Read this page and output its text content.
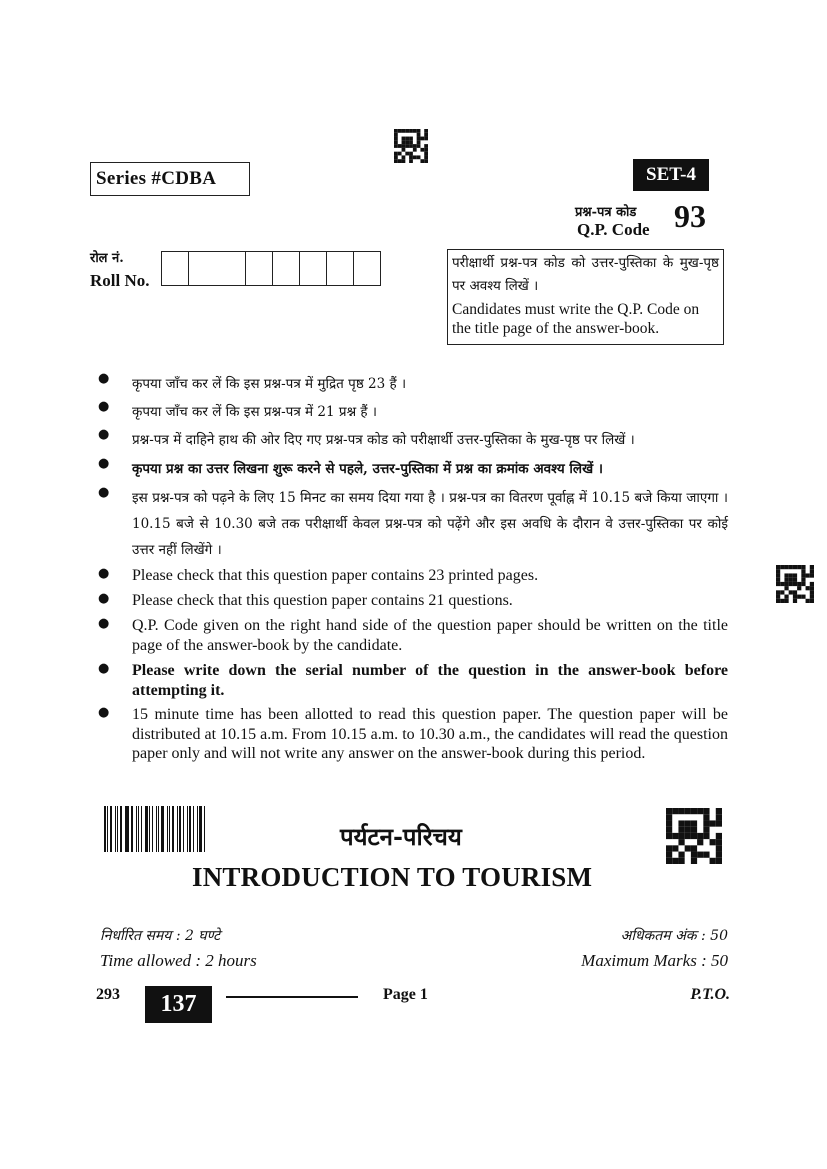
Series #CDBA	SET-4
प्रश्न-पत्र कोड
Q.P. Code 93
रोल नं.
Roll No.
परीक्षार्थी प्रश्न-पत्र कोड को उत्तर-पुस्तिका के मुख-पृष्ठ पर अवश्य लिखें ।
Candidates must write the Q.P. Code on the title page of the answer-book.
● कृपया जाँच कर लें कि इस प्रश्न-पत्र में मुद्रित पृष्ठ 23 हैं ।
● कृपया जाँच कर लें कि इस प्रश्न-पत्र में 21 प्रश्न हैं ।
● प्रश्न-पत्र में दाहिने हाथ की ओर दिए गए प्रश्न-पत्र कोड को परीक्षार्थी उत्तर-पुस्तिका के मुख-पृष्ठ पर लिखें ।
● कृपया प्रश्न का उत्तर लिखना शुरू करने से पहले, उत्तर-पुस्तिका में प्रश्न का क्रमांक अवश्य लिखें ।
● इस प्रश्न-पत्र को पढ़ने के लिए 15 मिनट का समय दिया गया है । प्रश्न-पत्र का वितरण पूर्वाह्न में 10.15 बजे किया जाएगा । 10.15 बजे से 10.30 बजे तक परीक्षार्थी केवल प्रश्न-पत्र को पढ़ेंगे और इस अवधि के दौरान वे उत्तर-पुस्तिका पर कोई उत्तर नहीं लिखेंगे ।
● Please check that this question paper contains 23 printed pages.
● Please check that this question paper contains 21 questions.
● Q.P. Code given on the right hand side of the question paper should be written on the title page of the answer-book by the candidate.
● Please write down the serial number of the question in the answer-book before attempting it.
● 15 minute time has been allotted to read this question paper. The question paper will be distributed at 10.15 a.m. From 10.15 a.m. to 10.30 a.m., the candidates will read the question paper only and will not write any answer on the answer-book during this period.
पर्यटन-परिचय
INTRODUCTION TO TOURISM
निर्धारित समय : 2 घण्टे
Time allowed : 2 hours
अधिकतम अंक : 50
Maximum Marks : 50
293	137	Page 1	P.T.O.
